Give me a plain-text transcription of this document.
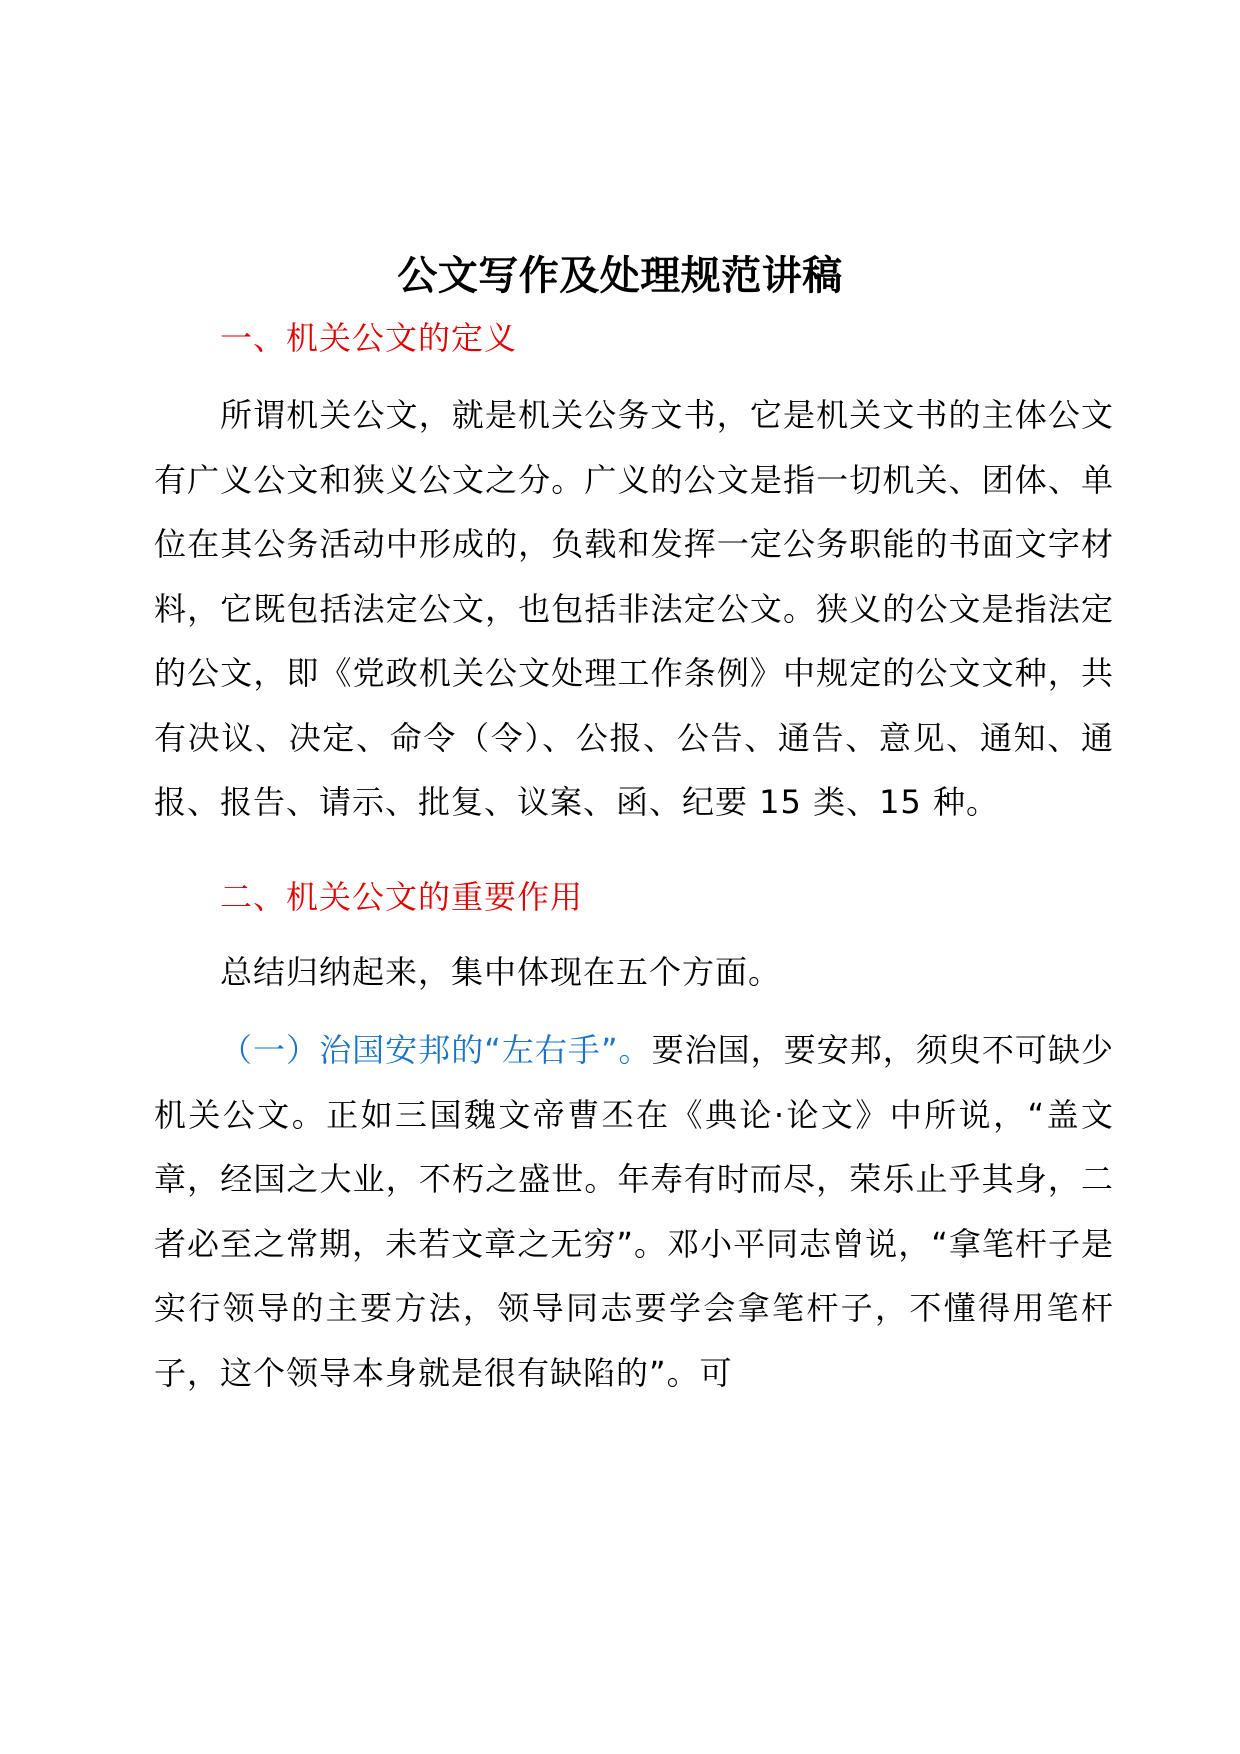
公文写作及处理规范讲稿
一、机关公文的定义
所谓机关公文，就是机关公务文书，它是机关文书的主体公文有广义公文和狭义公文之分。广义的公文是指一切机关、团体、单位在其公务活动中形成的，负载和发挥一定公务职能的书面文字材料，它既包括法定公文，也包括非法定公文。狭义的公文是指法定的公文，即《党政机关公文处理工作条例》中规定的公文文种，共有决议、决定、命令（令）、公报、公告、通告、意见、通知、通报、报告、请示、批复、议案、函、纪要 15 类、15 种。
二、机关公文的重要作用
总结归纳起来，集中体现在五个方面。
（一）治国安邦的“左右手”。要治国，要安邦，须臾不可缺少机关公文。正如三国魏文帝曹丕在《典论·论文》中所说，“盖文章，经国之大业，不朽之盛世。年寿有时而尽，荣乐止乎其身，二者必至之常期，未若文章之无穷”。邓小平同志曾说，“拿笔杆子是实行领导的主要方法，领导同志要学会拿笔杆子，不懂得用笔杆子，这个领导本身就是很有缺陷的”。可
